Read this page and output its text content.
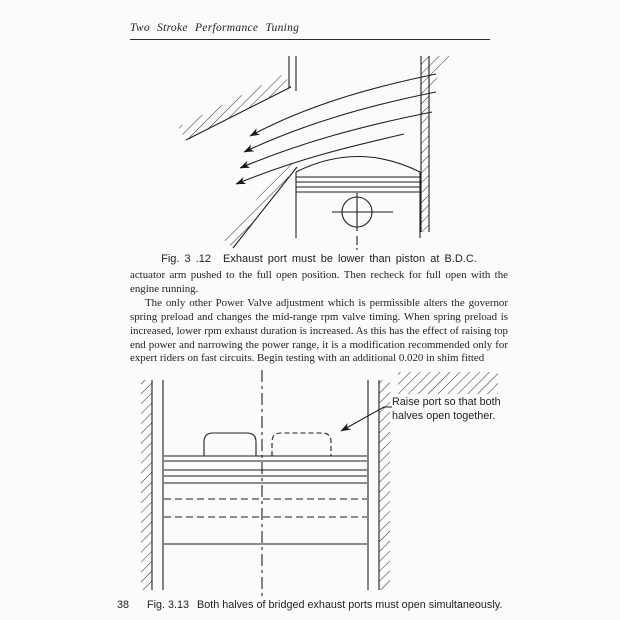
Two Stroke Performance Tuning
Fig. 3 .12 Exhaust port must be lower than piston at B.D.C.

actuator arm pushed to the full open position. Then recheck for full open with the engine running.

The only other Power Valve adjustment which is permissible alters the governor spring preload and changes the mid-range rpm valve timing. When spring preload is increased, lower rpm exhaust duration is increased. As this has the effect of raising top end power and narrowing the power range, it is a modification recommended only for expert riders on fast circuits. Begin testing with an additional 0.020 in shim fitted

Raise port so that both
halves open together.
38 Fig. 3.13 Both halves of bridged exhaust ports must open simultaneously.
